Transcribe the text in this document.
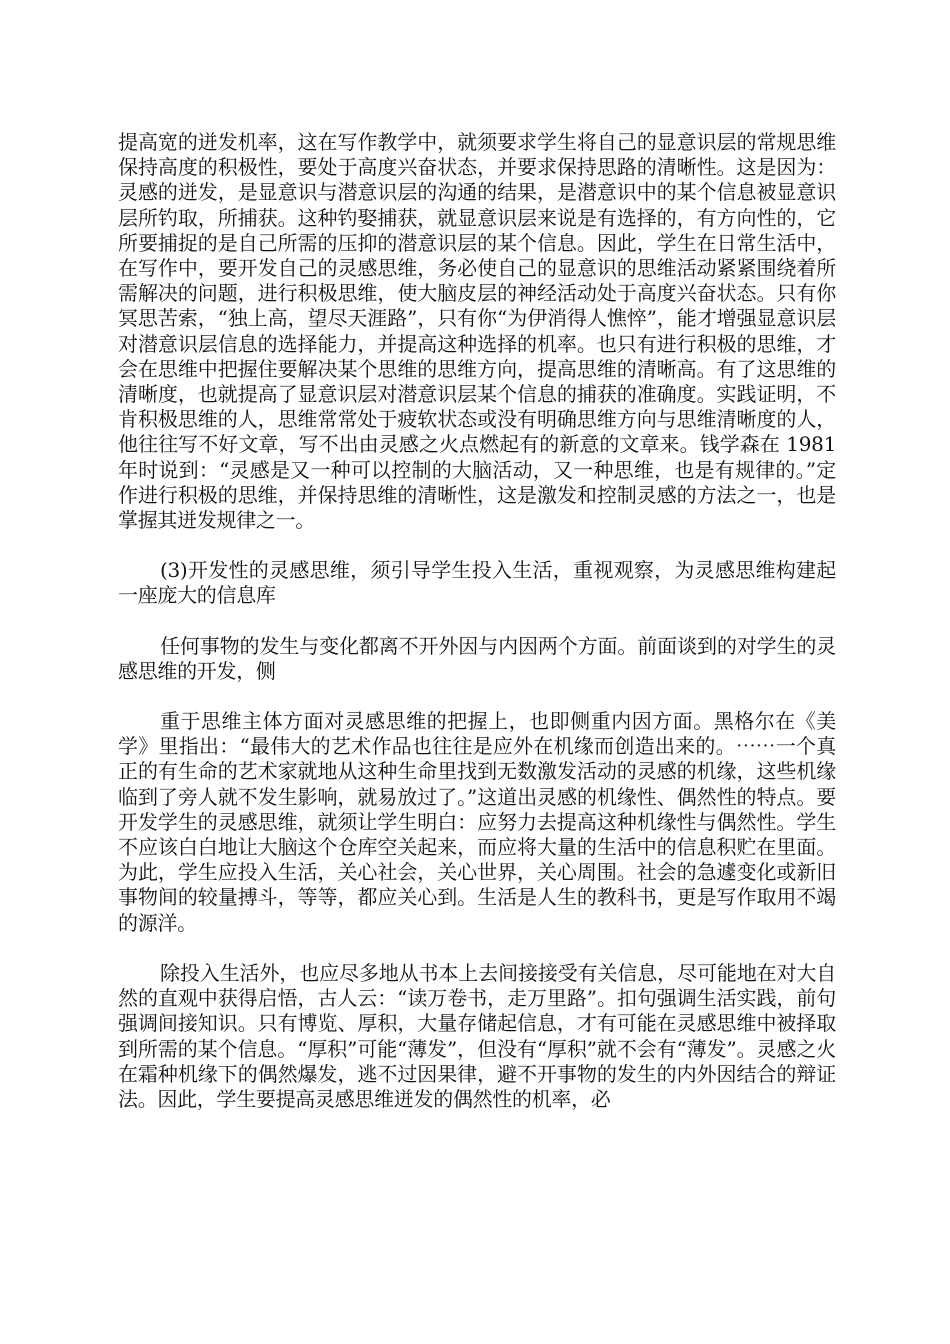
提高宽的迸发机率，这在写作教学中，就须要求学生将自己的显意识层的常规思维保持高度的积极性，要处于高度兴奋状态，并要求保持思路的清晰性。这是因为：灵感的迸发，是显意识与潜意识层的沟通的结果，是潜意识中的某个信息被显意识层所钓取，所捕获。这种钓娶捕获，就显意识层来说是有选择的，有方向性的，它所要捕捉的是自己所需的压抑的潜意识层的某个信息。因此，学生在日常生活中，在写作中，要开发自己的灵感思维，务必使自己的显意识的思维活动紧紧围绕着所需解决的问题，进行积极思维，使大脑皮层的神经活动处于高度兴奋状态。只有你冥思苦索，“独上高，望尽天涯路”，只有你“为伊消得人憔悴”，能才增强显意识层对潜意识层信息的选择能力，并提高这种选择的机率。也只有进行积极的思维，才会在思维中把握住要解决某个思维的思维方向，提高思维的清晰高。有了这思维的清晰度，也就提高了显意识层对潜意识层某个信息的捕获的准确度。实践证明，不肯积极思维的人，思维常常处于疲软状态或没有明确思维方向与思维清晰度的人，他往往写不好文章，写不出由灵感之火点燃起有的新意的文章来。钱学森在 1981 年时说到：“灵感是又一种可以控制的大脑活动，又一种思维，也是有规律的。”定作进行积极的思维，并保持思维的清晰性，这是激发和控制灵感的方法之一，也是掌握其迸发规律之一。

(3)开发性的灵感思维，须引导学生投入生活，重视观察，为灵感思维构建起一座庞大的信息库

任何事物的发生与变化都离不开外因与内因两个方面。前面谈到的对学生的灵感思维的开发，侧

重于思维主体方面对灵感思维的把握上，也即侧重内因方面。黑格尔在《美学》里指出：“最伟大的艺术作品也往往是应外在机缘而创造出来的。⋯⋯一个真正的有生命的艺术家就地从这种生命里找到无数激发活动的灵感的机缘，这些机缘临到了旁人就不发生影响，就易放过了。”这道出灵感的机缘性、偶然性的特点。要开发学生的灵感思维，就须让学生明白：应努力去提高这种机缘性与偶然性。学生不应该白白地让大脑这个仓库空关起来，而应将大量的生活中的信息积贮在里面。为此，学生应投入生活，关心社会，关心世界，关心周围。社会的急遽变化或新旧事物间的较量搏斗，等等，都应关心到。生活是人生的教科书，更是写作取用不竭的源洋。

除投入生活外，也应尽多地从书本上去间接接受有关信息，尽可能地在对大自然的直观中获得启悟，古人云：“读万卷书，走万里路”。扣句强调生活实践，前句强调间接知识。只有博览、厚积，大量存储起信息，才有可能在灵感思维中被择取到所需的某个信息。“厚积”可能“薄发”，但没有“厚积”就不会有“薄发”。灵感之火在霜种机缘下的偶然爆发，逃不过因果律，避不开事物的发生的内外因结合的辩证法。因此，学生要提高灵感思维迸发的偶然性的机率，必
